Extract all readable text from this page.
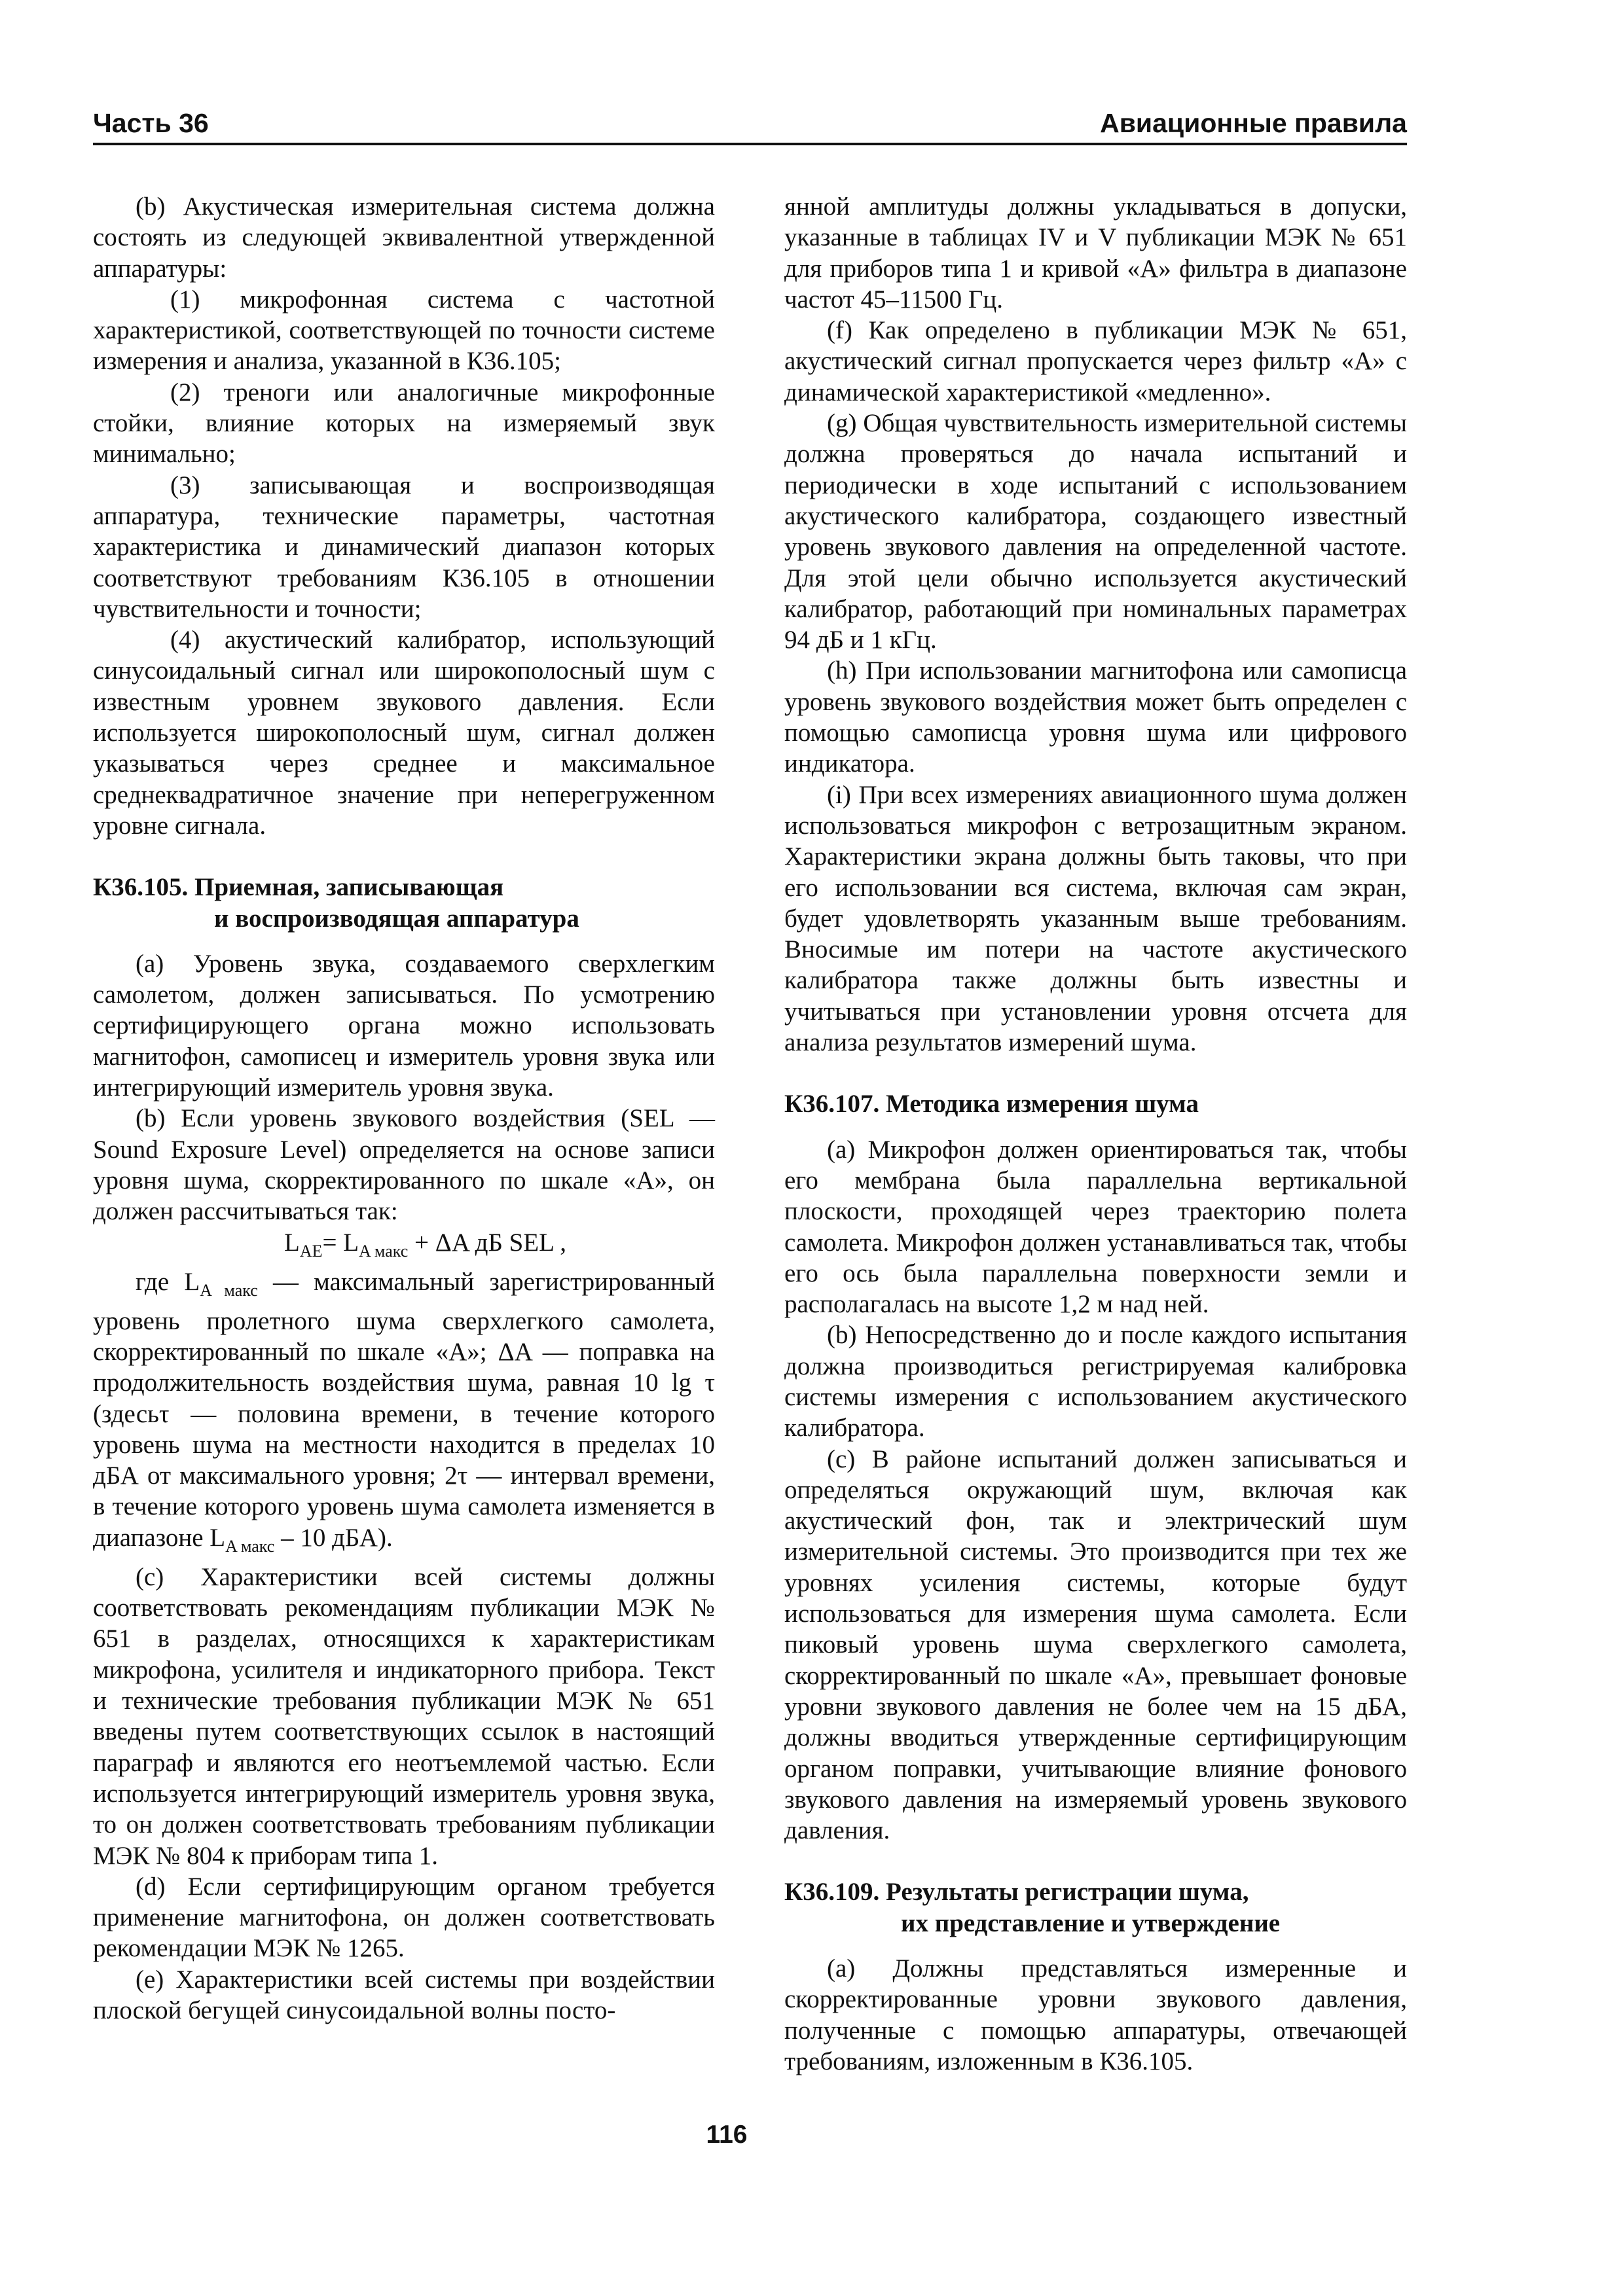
Часть 36	Авиационные правила

(b) Акустическая измерительная система должна состоять из следующей эквивалентной утвержденной аппаратуры:

(1) микрофонная система с частотной характеристикой, соответствующей по точности системе измерения и анализа, указанной в К36.105;

(2) треноги или аналогичные микрофонные стойки, влияние которых на измеряемый звук минимально;

(3) записывающая и воспроизводящая аппаратура, технические параметры, частотная характеристика и динамический диапазон которых соответствуют требованиям К36.105 в отношении чувствительности и точности;

(4) акустический калибратор, использующий синусоидальный сигнал или широкополосный шум с известным уровнем звукового давления. Если используется широкополосный шум, сигнал должен указываться через среднее и максимальное среднеквадратичное значение при неперегруженном уровне сигнала.

К36.105. Приемная, записывающая
и воспроизводящая аппаратура

(a) Уровень звука, создаваемого сверхлегким самолетом, должен записываться. По усмотрению сертифицирующего органа можно использовать магнитофон, самописец и измеритель уровня звука или интегрирующий измеритель уровня звука.

(b) Если уровень звукового воздействия (SEL — Sound Exposure Level) определяется на основе записи уровня шума, скорректированного по шкале «А», он должен рассчитываться так:

$L_{AE}= L_{A макс} + \Delta A$ дБ SEL ,

где $L_{A макс}$ — максимальный зарегистрированный уровень пролетного шума сверхлегкого самолета, скорректированный по шкале «А»; ΔA — поправка на продолжительность воздействия шума, равная 10 lg τ (здесьτ — половина времени, в течение которого уровень шума на местности находится в пределах 10 дБА от максимального уровня; 2τ — интервал времени, в течение которого уровень шума самолета изменяется в диапазоне $L_{A макс} - 10$ дБА).

(c) Характеристики всей системы должны соответствовать рекомендациям публикации МЭК № 651 в разделах, относящихся к характеристикам микрофона, усилителя и индикаторного прибора. Текст и технические требования публикации МЭК № 651 введены путем соответствующих ссылок в настоящий параграф и являются его неотъемлемой частью. Если используется интегрирующий измеритель уровня звука, то он должен соответствовать требованиям публикации МЭК № 804 к приборам типа 1.

(d) Если сертифицирующим органом требуется применение магнитофона, он должен соответствовать рекомендации МЭК № 1265.

(e) Характеристики всей системы при воздействии плоской бегущей синусоидальной волны посто-

янной амплитуды должны укладываться в допуски, указанные в таблицах IV и V публикации МЭК № 651 для приборов типа 1 и кривой «А» фильтра в диапазоне частот 45–11500 Гц.

(f) Как определено в публикации МЭК № 651, акустический сигнал пропускается через фильтр «А» с динамической характеристикой «медленно».

(g) Общая чувствительность измерительной системы должна проверяться до начала испытаний и периодически в ходе испытаний с использованием акустического калибратора, создающего известный уровень звукового давления на определенной частоте. Для этой цели обычно используется акустический калибратор, работающий при номинальных параметрах 94 дБ и 1 кГц.

(h) При использовании магнитофона или самописца уровень звукового воздействия может быть определен с помощью самописца уровня шума или цифрового индикатора.

(i) При всех измерениях авиационного шума должен использоваться микрофон с ветрозащитным экраном. Характеристики экрана должны быть таковы, что при его использовании вся система, включая сам экран, будет удовлетворять указанным выше требованиям. Вносимые им потери на частоте акустического калибратора также должны быть известны и учитываться при установлении уровня отсчета для анализа результатов измерений шума.

К36.107. Методика измерения шума

(a) Микрофон должен ориентироваться так, чтобы его мембрана была параллельна вертикальной плоскости, проходящей через траекторию полета самолета. Микрофон должен устанавливаться так, чтобы его ось была параллельна поверхности земли и располагалась на высоте 1,2 м над ней.

(b) Непосредственно до и после каждого испытания должна производиться регистрируемая калибровка системы измерения с использованием акустического калибратора.

(c) В районе испытаний должен записываться и определяться окружающий шум, включая как акустический фон, так и электрический шум измерительной системы. Это производится при тех же уровнях усиления системы, которые будут использоваться для измерения шума самолета. Если пиковый уровень шума сверхлегкого самолета, скорректированный по шкале «А», превышает фоновые уровни звукового давления не более чем на 15 дБА, должны вводиться утвержденные сертифицирующим органом поправки, учитывающие влияние фонового звукового давления на измеряемый уровень звукового давления.

К36.109. Результаты регистрации шума,
их представление и утверждение

(a) Должны представляться измеренные и скорректированные уровни звукового давления, полученные с помощью аппаратуры, отвечающей требованиям, изложенным в К36.105.

116
